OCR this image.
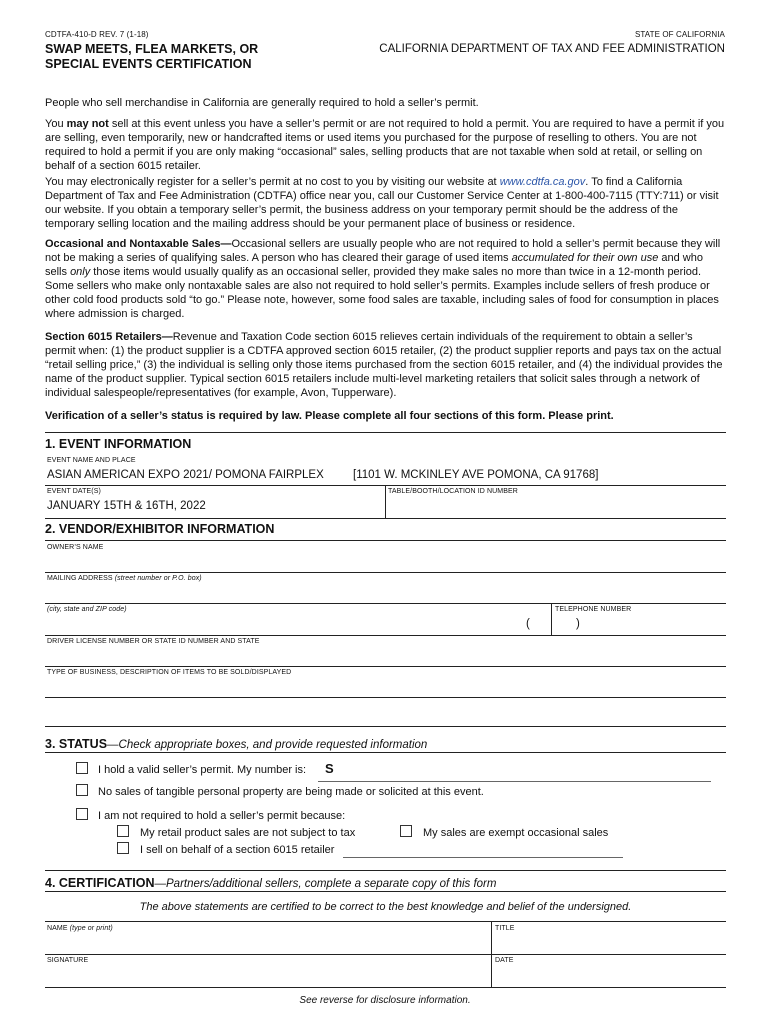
CDTFA-410-D REV. 7 (1-18)
SWAP MEETS, FLEA MARKETS, OR
SPECIAL EVENTS CERTIFICATION
STATE OF CALIFORNIA
CALIFORNIA DEPARTMENT OF TAX AND FEE ADMINISTRATION

People who sell merchandise in California are generally required to hold a seller’s permit.

You may not sell at this event unless you have a seller’s permit or are not required to hold a permit. You are required to have a permit if you are selling, even temporarily, new or handcrafted items or used items you purchased for the purpose of reselling to others. You are not required to hold a permit if you are only making “occasional” sales, selling products that are not taxable when sold at retail, or selling on behalf of a section 6015 retailer.

You may electronically register for a seller’s permit at no cost to you by visiting our website at www.cdtfa.ca.gov. To find a California Department of Tax and Fee Administration (CDTFA) office near you, call our Customer Service Center at 1-800-400-7115 (TTY:711) or visit our website. If you obtain a temporary seller’s permit, the business address on your temporary permit should be the address of the temporary selling location and the mailing address should be your permanent place of business or residence.

Occasional and Nontaxable Sales—Occasional sellers are usually people who are not required to hold a seller’s permit because they will not be making a series of qualifying sales. A person who has cleared their garage of used items accumulated for their own use and who sells only those items would usually qualify as an occasional seller, provided they make sales no more than twice in a 12-month period. Some sellers who make only nontaxable sales are also not required to hold seller’s permits. Examples include sellers of fresh produce or other cold food products sold “to go.” Please note, however, some food sales are taxable, including sales of food for consumption in places where admission is charged.

Section 6015 Retailers—Revenue and Taxation Code section 6015 relieves certain individuals of the requirement to obtain a seller’s permit when: (1) the product supplier is a CDTFA approved section 6015 retailer, (2) the product supplier reports and pays tax on the actual “retail selling price,” (3) the individual is selling only those items purchased from the section 6015 retailer, and (4) the individual provides the name of the product supplier. Typical section 6015 retailers include multi-level marketing retailers that solicit sales through a network of individual salespeople/representatives (for example, Avon, Tupperware).

Verification of a seller’s status is required by law. Please complete all four sections of this form. Please print.

1. EVENT INFORMATION
EVENT NAME AND PLACE
ASIAN AMERICAN EXPO 2021/ POMONA FAIRPLEX	[1101 W. MCKINLEY AVE POMONA, CA 91768]
EVENT DATE(S)
JANUARY 15TH & 16TH, 2022
TABLE/BOOTH/LOCATION ID NUMBER
2. VENDOR/EXHIBITOR INFORMATION
OWNER’S NAME
MAILING ADDRESS (street number or P.O. box)
(city, state and ZIP code)	TELEPHONE NUMBER
(	)
DRIVER LICENSE NUMBER OR STATE ID NUMBER AND STATE
TYPE OF BUSINESS, DESCRIPTION OF ITEMS TO BE SOLD/DISPLAYED
3. STATUS—Check appropriate boxes, and provide requested information
I hold a valid seller’s permit. My number is: S
No sales of tangible personal property are being made or solicited at this event.
I am not required to hold a seller’s permit because:
My retail product sales are not subject to tax	My sales are exempt occasional sales
I sell on behalf of a section 6015 retailer
4. CERTIFICATION—Partners/additional sellers, complete a separate copy of this form
The above statements are certified to be correct to the best knowledge and belief of the undersigned.
NAME (type or print)	TITLE
SIGNATURE	DATE
See reverse for disclosure information.
